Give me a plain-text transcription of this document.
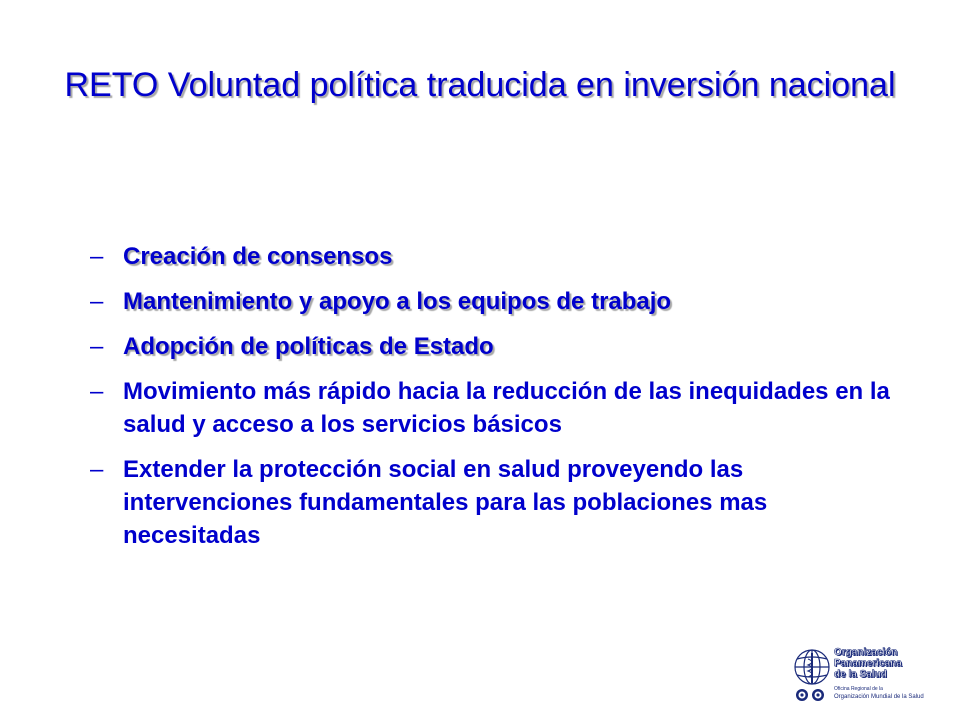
RETO Voluntad política traducida en inversión nacional
– Creación de consensos
– Mantenimiento y apoyo a los equipos de trabajo
– Adopción de políticas de Estado
– Movimiento más rápido hacia la reducción de las inequidades en la salud y acceso a los servicios básicos
– Extender la protección social en salud proveyendo las intervenciones fundamentales para las poblaciones mas necesitadas
Organización
Panamericana
de la Salud
Oficina Regional de la
Organización Mundial de la Salud
